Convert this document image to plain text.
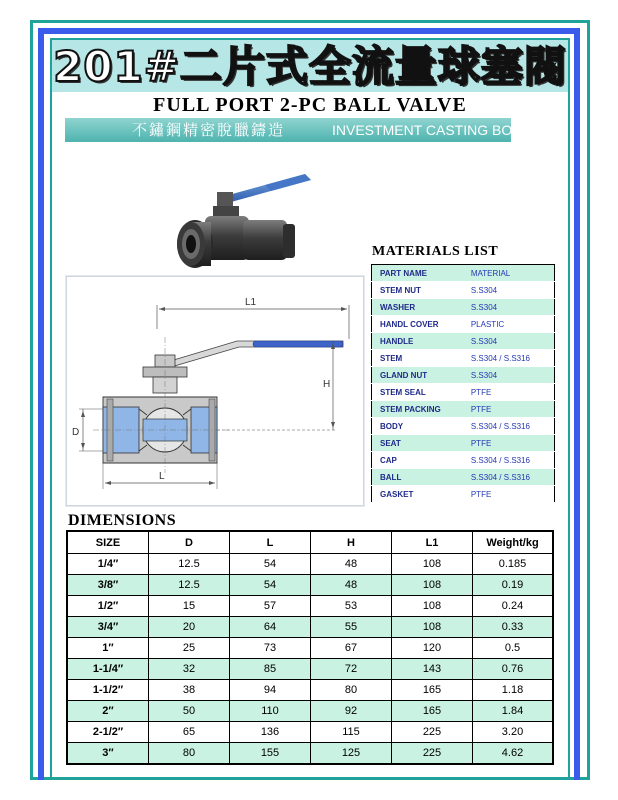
201#二片式全流量球塞閥
FULL PORT 2-PC BALL VALVE
不鏽鋼精密脫臘鑄造	INVESTMENT CASTING BODY
L1
H
D
L
MATERIALS LIST
PART NAME	MATERIAL
STEM NUT	S.S304
WASHER	S.S304
HANDL COVER	PLASTIC
HANDLE	S.S304
STEM	S.S304 / S.S316
GLAND NUT	S.S304
STEM SEAL	PTFE
STEM PACKING	PTFE
BODY	S.S304 / S.S316
SEAT	PTFE
CAP	S.S304 / S.S316
BALL	S.S304 / S.S316
GASKET	PTFE
DIMENSIONS
SIZE	D	L	H	L1	Weight/kg
1/4″	12.5	54	48	108	0.185
3/8″	12.5	54	48	108	0.19
1/2″	15	57	53	108	0.24
3/4″	20	64	55	108	0.33
1″	25	73	67	120	0.5
1-1/4″	32	85	72	143	0.76
1-1/2″	38	94	80	165	1.18
2″	50	110	92	165	1.84
2-1/2″	65	136	115	225	3.20
3″	80	155	125	225	4.62
